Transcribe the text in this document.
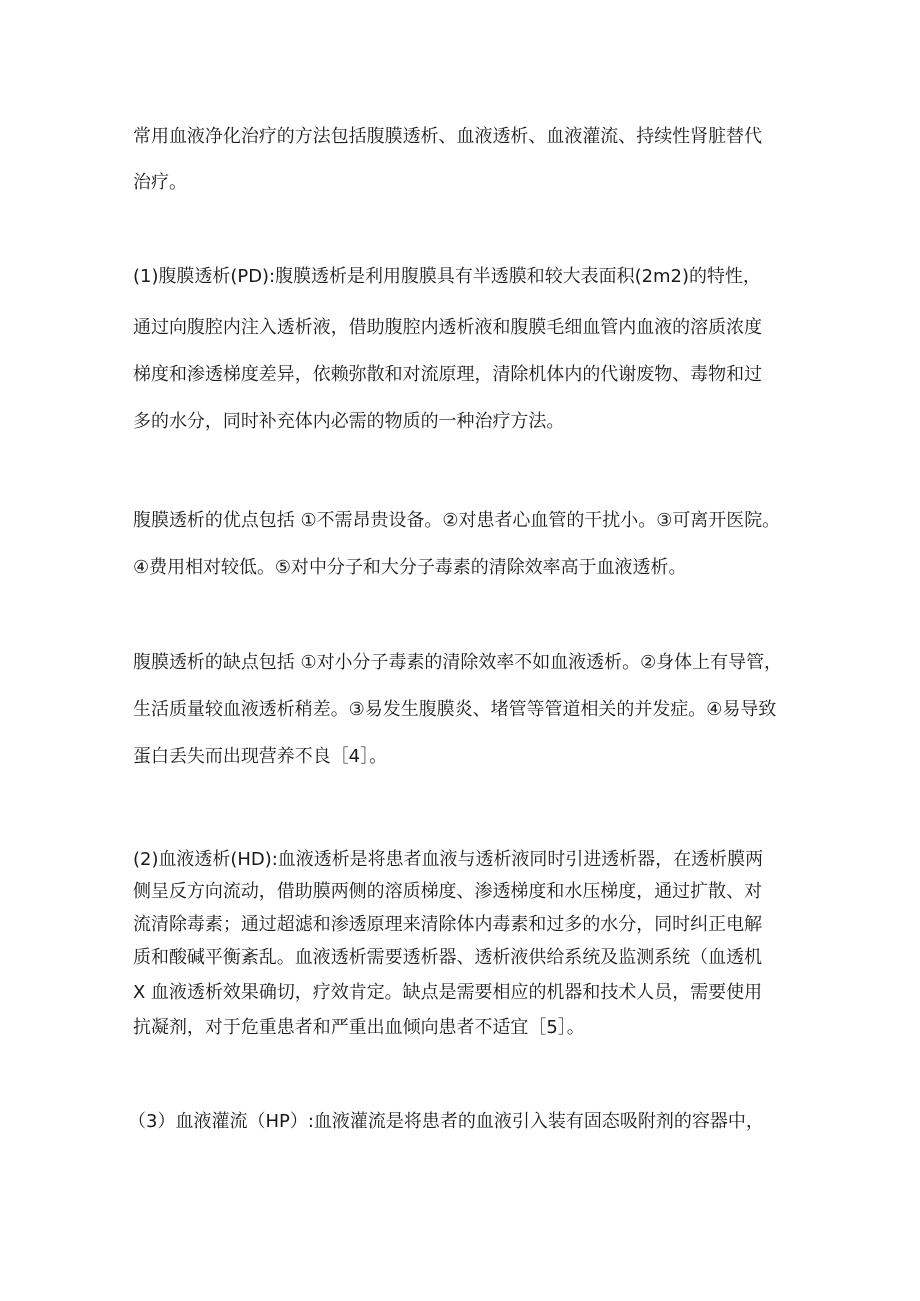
常用血液净化治疗的方法包括腹膜透析、血液透析、血液灌流、持续性肾脏替代
治疗。
(1)腹膜透析(PD):腹膜透析是利用腹膜具有半透膜和较大表面积(2m2)的特性，
通过向腹腔内注入透析液，借助腹腔内透析液和腹膜毛细血管内血液的溶质浓度
梯度和渗透梯度差异，依赖弥散和对流原理，清除机体内的代谢废物、毒物和过
多的水分，同时补充体内必需的物质的一种治疗方法。
腹膜透析的优点包括 ①不需昂贵设备。②对患者心血管的干扰小。③可离开医院。
④费用相对较低。⑤对中分子和大分子毒素的清除效率高于血液透析。
腹膜透析的缺点包括 ①对小分子毒素的清除效率不如血液透析。②身体上有导管，
生活质量较血液透析稍差。③易发生腹膜炎、堵管等管道相关的并发症。④易导致
蛋白丢失而出现营养不良［4］。
(2)血液透析(HD):血液透析是将患者血液与透析液同时引进透析器，在透析膜两
侧呈反方向流动，借助膜两侧的溶质梯度、渗透梯度和水压梯度，通过扩散、对
流清除毒素；通过超滤和渗透原理来清除体内毒素和过多的水分，同时纠正电解
质和酸碱平衡紊乱。血液透析需要透析器、透析液供给系统及监测系统（血透机
X 血液透析效果确切，疗效肯定。缺点是需要相应的机器和技术人员，需要使用
抗凝剂，对于危重患者和严重出血倾向患者不适宜［5］。
（3）血液灌流（HP）:血液灌流是将患者的血液引入装有固态吸附剂的容器中，
